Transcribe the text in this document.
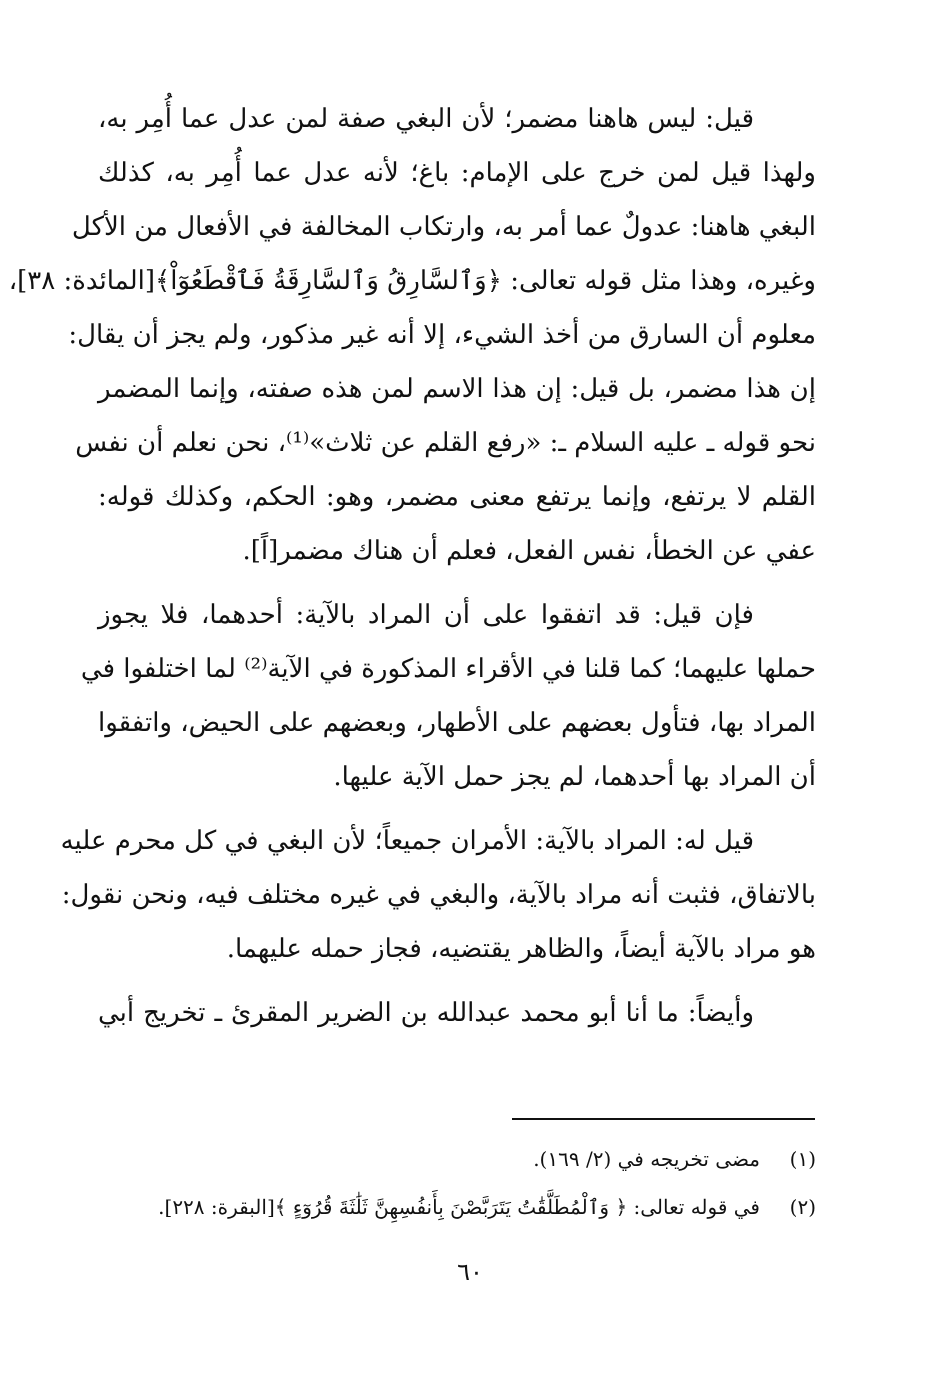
قيل: ليس هاهنا مضمر؛ لأن البغي صفة لمن عدل عما أُمِر به،
ولهذا قيل لمن خرج على الإمام: باغ؛ لأنه عدل عما أُمِر به، كذلك
البغي هاهنا: عدولٌ عما أمر به، وارتكاب المخالفة في الأفعال من الأكل
وغيره، وهذا مثل قوله تعالى: ﴿وَٱلسَّارِقُ وَٱلسَّارِقَةُ فَٱقْطَعُوٓاْ﴾[المائدة: ٣٨]،
معلوم أن السارق من أخذ الشيء، إلا أنه غير مذكور، ولم يجز أن يقال:
إن هذا مضمر، بل قيل: إن هذا الاسم لمن هذه صفته، وإنما المضمر
نحو قوله ـ عليه السلام ـ: «رفع القلم عن ثلاث»⁽¹⁾، نحن نعلم أن نفس
القلم لا يرتفع، وإنما يرتفع معنى مضمر، وهو: الحكم، وكذلك قوله:
عفي عن الخطأ، نفس الفعل، فعلم أن هناك مضمر[اً].
فإن قيل: قد اتفقوا على أن المراد بالآية: أحدهما، فلا يجوز
حملها عليهما؛ كما قلنا في الأقراء المذكورة في الآية⁽²⁾ لما اختلفوا في
المراد بها، فتأول بعضهم على الأطهار، وبعضهم على الحيض، واتفقوا
أن المراد بها أحدهما، لم يجز حمل الآية عليها.
قيل له: المراد بالآية: الأمران جميعاً؛ لأن البغي في كل محرم عليه
بالاتفاق، فثبت أنه مراد بالآية، والبغي في غيره مختلف فيه، ونحن نقول:
هو مراد بالآية أيضاً، والظاهر يقتضيه، فجاز حمله عليهما.
وأيضاً: ما أنا أبو محمد عبدالله بن الضرير المقرئ ـ تخريج أبي
(١)
مضى تخريجه في (٢/ ١٦٩).
(٢)
في قوله تعالى: ﴿ وَٱلْمُطَلَّقَٰتُ يَتَرَبَّصْنَ بِأَنفُسِهِنَّ ثَلَٰثَةَ قُرُوٓءٍ ﴾[البقرة: ٢٢٨].
٦٠
